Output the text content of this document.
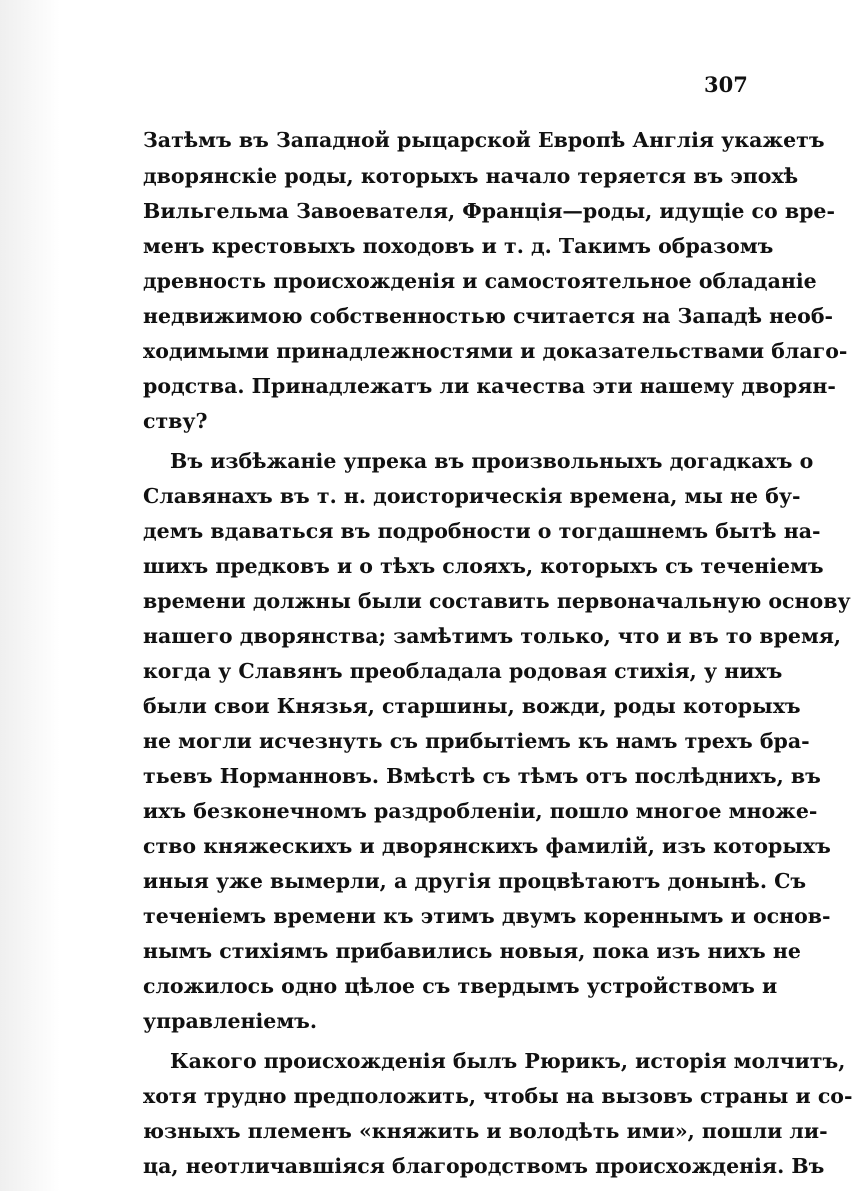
307
Затѣмъ въ Западной рыцарской Европѣ Англія укажетъ
дворянскіе роды, которыхъ начало теряется въ эпохѣ
Вильгельма Завоевателя, Франція—роды, идущіе со вре-
менъ крестовыхъ походовъ и т. д. Такимъ образомъ
древность происхожденія и самостоятельное обладаніе
недвижимою собственностью считается на Западѣ необ-
ходимыми принадлежностями и доказательствами благо-
родства. Принадлежатъ ли качества эти нашему дворян-
ству?
Въ избѣжаніе упрека въ произвольныхъ догадкахъ о
Славянахъ въ т. н. доисторическія времена, мы не бу-
демъ вдаваться въ подробности о тогдашнемъ бытѣ на-
шихъ предковъ и о тѣхъ слояхъ, которыхъ съ теченіемъ
времени должны были составить первоначальную основу
нашего дворянства; замѣтимъ только, что и въ то время,
когда у Славянъ преобладала родовая стихія, у нихъ
были свои Князья, старшины, вожди, роды которыхъ
не могли исчезнуть съ прибытіемъ къ намъ трехъ бра-
тьевъ Норманновъ. Вмѣстѣ съ тѣмъ отъ послѣднихъ, въ
ихъ безконечномъ раздробленіи, пошло многое множе-
ство княжескихъ и дворянскихъ фамилій, изъ которыхъ
иныя уже вымерли, а другія процвѣтаютъ донынѣ. Съ
теченіемъ времени къ этимъ двумъ кореннымъ и основ-
нымъ стихіямъ прибавились новыя, пока изъ нихъ не
сложилось одно цѣлое съ твердымъ устройствомъ и
управленіемъ.
Какого происхожденія былъ Рюрикъ, исторія молчитъ,
хотя трудно предположить, чтобы на вызовъ страны и со-
юзныхъ племенъ «княжить и володѣть ими», пошли ли-
ца, неотличавшіяся благородствомъ происхожденія. Въ
